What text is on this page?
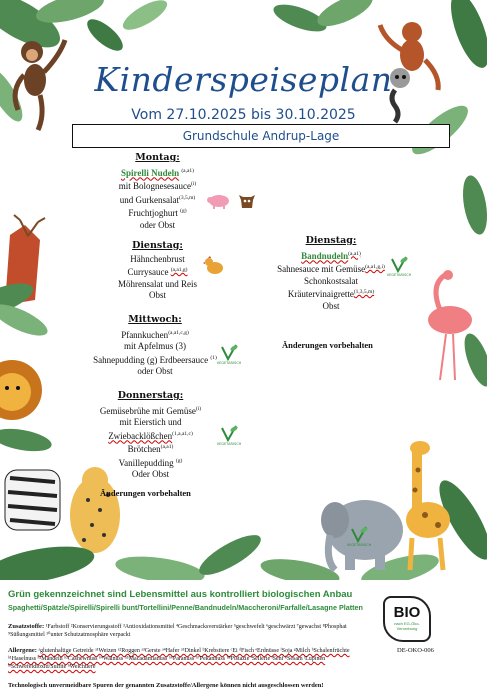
Kinderspeiseplan
Vom 27.10.2025 bis 30.10.2025
Grundschule Andrup-Lage
Montag:
Spirelli Nudeln $^{(a,a1)}$
mit Bolognesesauce$^{(i)}$
und Gurkensalat$^{(3,5,m)}$
Fruchtjoghurt $^{(g)}$
oder Obst
Dienstag:
Hähnchenbrust
Currysauce $^{(a,a1,g)}$
Möhrensalat und Reis
Obst
Mittwoch:
Pfannkuchen$^{(a,a1,c,g)}$
mit Apfelmus (3)
Sahnepudding (g) Erdbeersauce $^{(1)}$
oder Obst
Donnerstag:
Gemüsebrühe mit Gemüse$^{(i)}$
mit Eierstich und
Zwiebacklößchen$^{(1,a,a1,c)}$
Brötchen$^{(a,a1)}$
Vanillepudding $^{(g)}$
Oder Obst
Dienstag:
Bandnudeln$^{(a,a1)}$
Sahnesauce mit Gemüse$^{(a,a1,g,i)}$
Schonkostsalat
Kräutervinaigrette$^{(1,3,5,m)}$
Obst
Änderungen vorbehalten
Änderungen vorbehalten
VEGETARISCH
VEGETARISCH
VEGETARISCH
VEGETARISCH
Grün gekennzeichnet sind Lebensmittel aus kontrolliert biologischen Anbau
Spaghetti/Spätzle/Spirelli/Spirelli bunt/Tortellini/Penne/Bandnudeln/Maccheroni/Farfalle/Lasagne Platten
Zusatzstoffe: ¹Farbstoff ²Konservierungsstoff ³Antioxidationsmittel ⁴Geschmacksverstärker ⁵geschwefelt ⁶geschwärzt ⁷gewachst ⁸Phosphat ⁹Süßungsmittel ¹⁰unter Schutzatmosphäre verpackt
Allergene: ᵃglutenhaltige Getreide ᵃ¹Weizen ᵃ²Roggen ᵃ³Gerste ᵃ⁴Hafer ᵃ⁵Dinkel ᵇKrebstiere ᶜEi ᵈFisch ᵉErdnüsse ᶠSoja ᵍMilch ʰSchalenfrüchte ʰ¹Haselnuss ʰ²Mandeln ʰ³Cashewnuss ʰ⁴Walnuss ʰ⁵Macadamianuss ʰ⁶Paranuss ʰ⁷Pekannuss ʰ⁸Pistazie ⁱSellerie ʲSenf ᵏSesam ˡLupinen ᵐSchwefeldioxid/Sulfite ⁿWeichtiere
BIO
nach EG-Öko-Verordnung
DE-OKO-006
Technologisch unvermeidbare Spuren der genannten Zusatzstoffe/Allergene können nicht ausgeschlossen werden!
